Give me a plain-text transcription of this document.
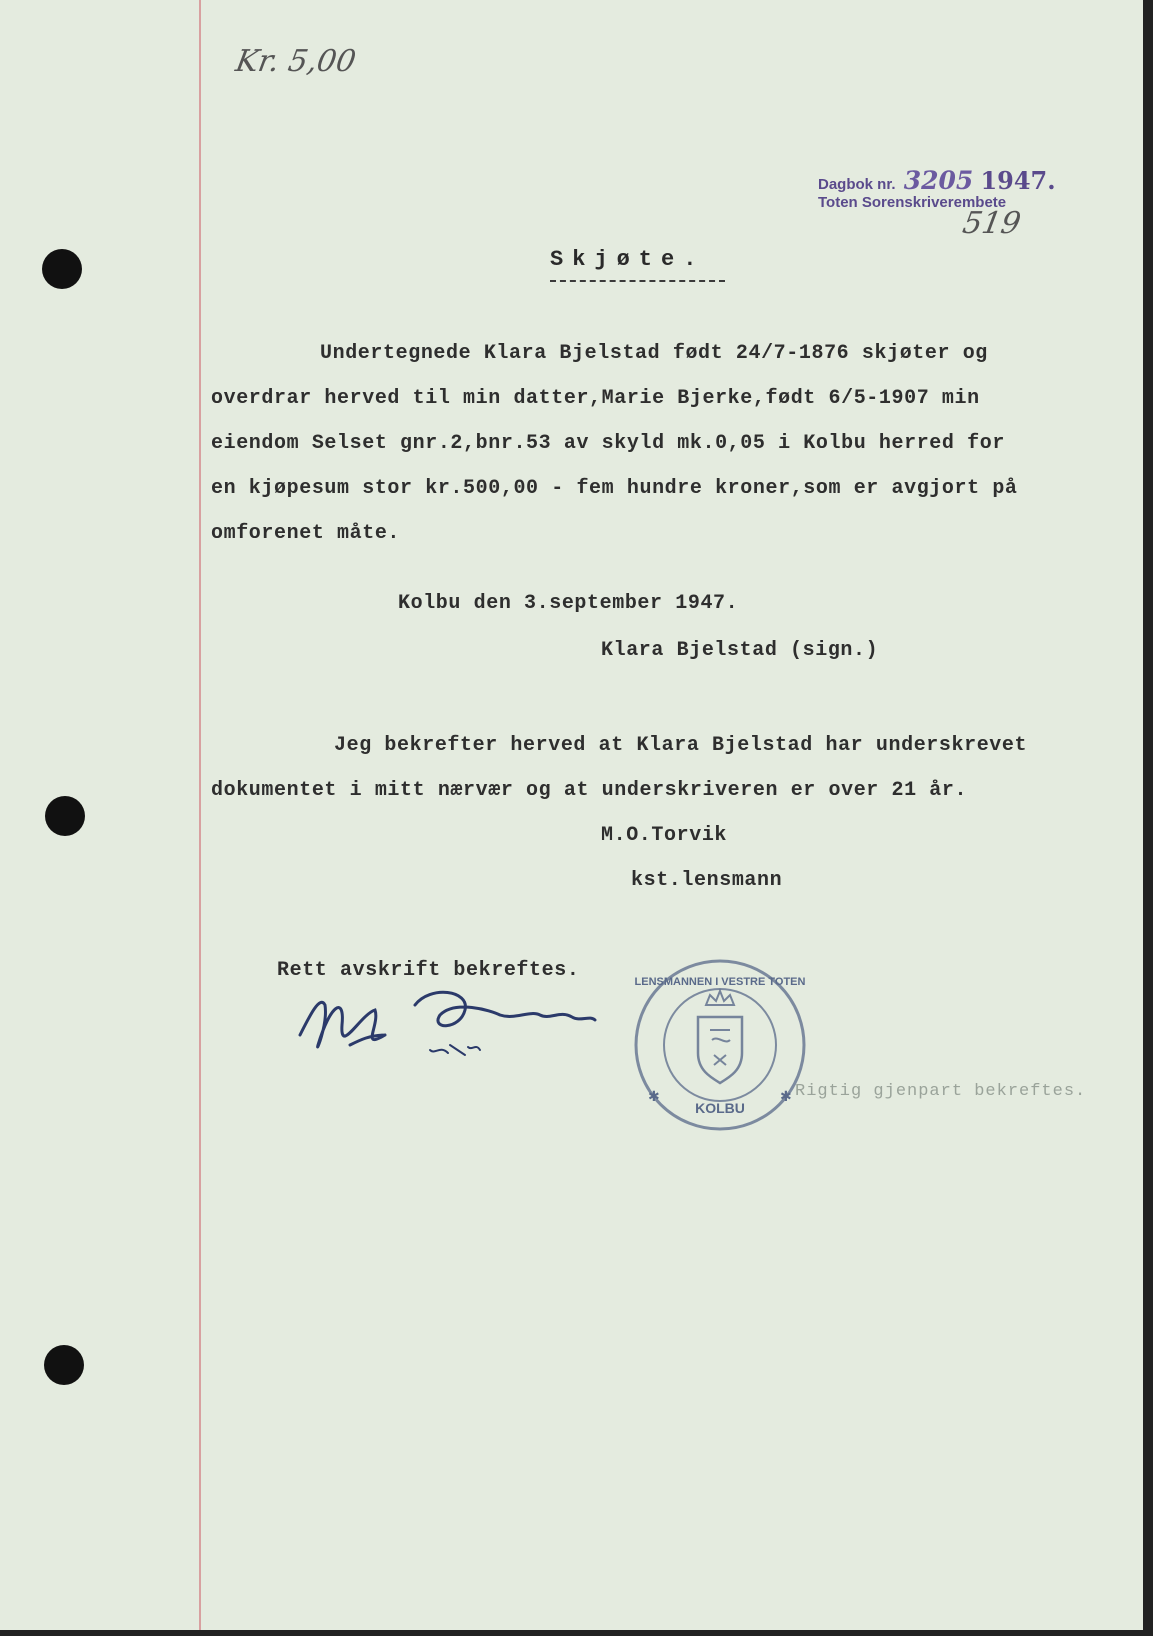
Kr. 5,00
Dagbok nr. 3205 1947.
Toten Sorenskriverembete
519
Skjøte.
Undertegnede Klara Bjelstad født 24/7-1876 skjøter og
overdrar herved til min datter,Marie Bjerke,født 6/5-1907 min
eiendom Selset gnr.2,bnr.53 av skyld mk.0,05 i Kolbu herred for
en kjøpesum stor kr.500,00 - fem hundre kroner,som er avgjort på
omforenet måte.
Kolbu den 3.september 1947.
Klara Bjelstad (sign.)
Jeg bekrefter herved at Klara Bjelstad har underskrevet
dokumentet i mitt nærvær og at underskriveren er over 21 år.
M.O.Torvik
kst.lensmann
Rett avskrift bekreftes.
KOLBU
LENSMANNEN I VESTRE TOTEN
✱	✱ Rigtig gjenpart bekreftes.
